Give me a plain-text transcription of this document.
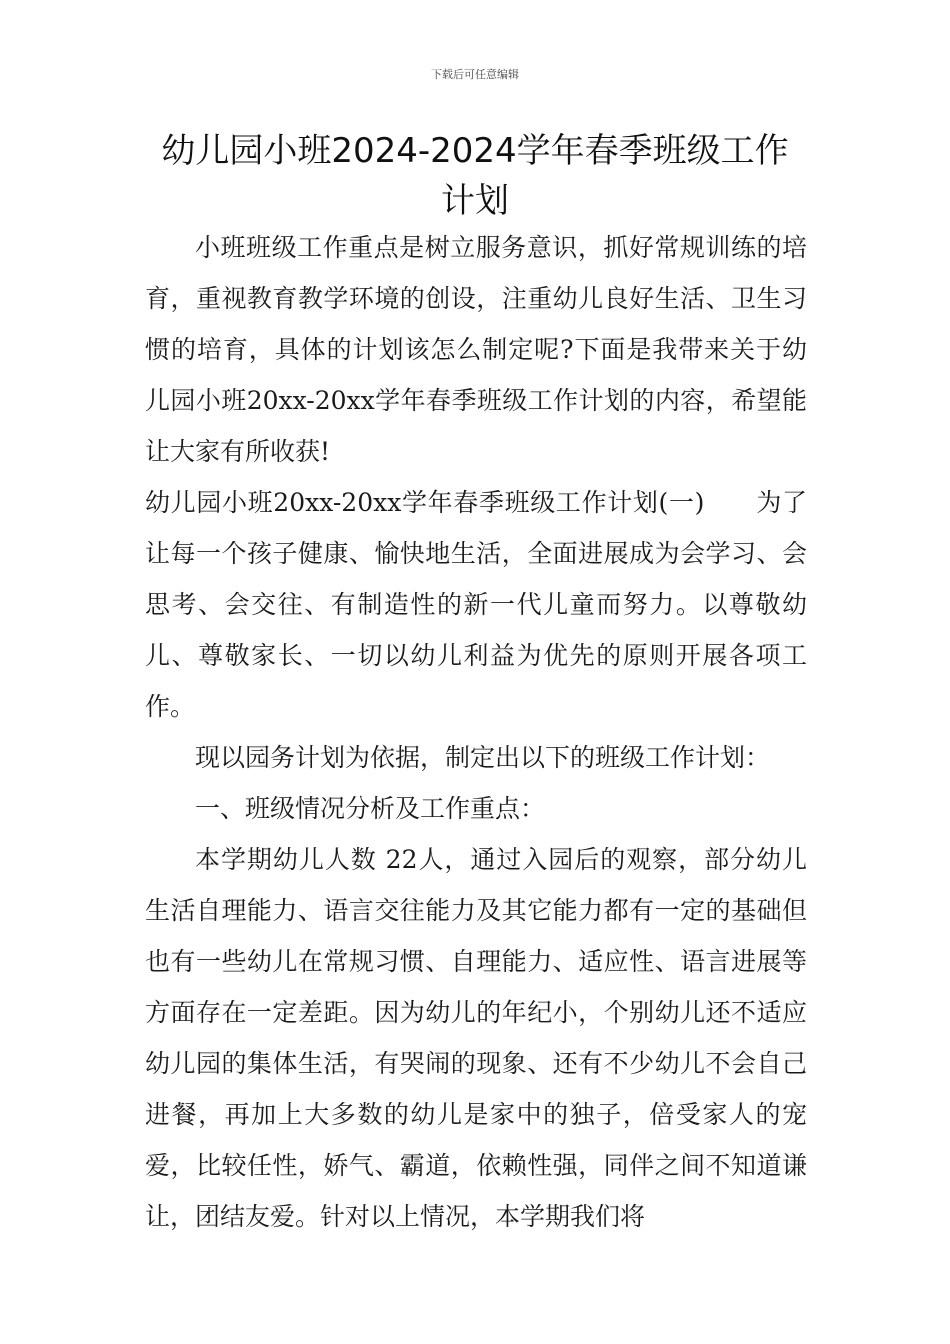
下载后可任意编辑
幼儿园小班2024-2024学年春季班级工作计划

小班班级工作重点是树立服务意识，抓好常规训练的培育，重视教育教学环境的创设，注重幼儿良好生活、卫生习惯的培育，具体的计划该怎么制定呢?下面是我带来关于幼儿园小班20xx-20xx学年春季班级工作计划的内容，希望能让大家有所收获!

幼儿园小班20xx-20xx学年春季班级工作计划(一)　　为了让每一个孩子健康、愉快地生活，全面进展成为会学习、会思考、会交往、有制造性的新一代儿童而努力。以尊敬幼儿、尊敬家长、一切以幼儿利益为优先的原则开展各项工作。

现以园务计划为依据，制定出以下的班级工作计划：

一、班级情况分析及工作重点：

本学期幼儿人数 22人，通过入园后的观察，部分幼儿生活自理能力、语言交往能力及其它能力都有一定的基础但也有一些幼儿在常规习惯、自理能力、适应性、语言进展等方面存在一定差距。因为幼儿的年纪小，个别幼儿还不适应幼儿园的集体生活，有哭闹的现象、还有不少幼儿不会自己进餐，再加上大多数的幼儿是家中的独子，倍受家人的宠爱，比较任性，娇气、霸道，依赖性强，同伴之间不知道谦让，团结友爱。针对以上情况，本学期我们将
